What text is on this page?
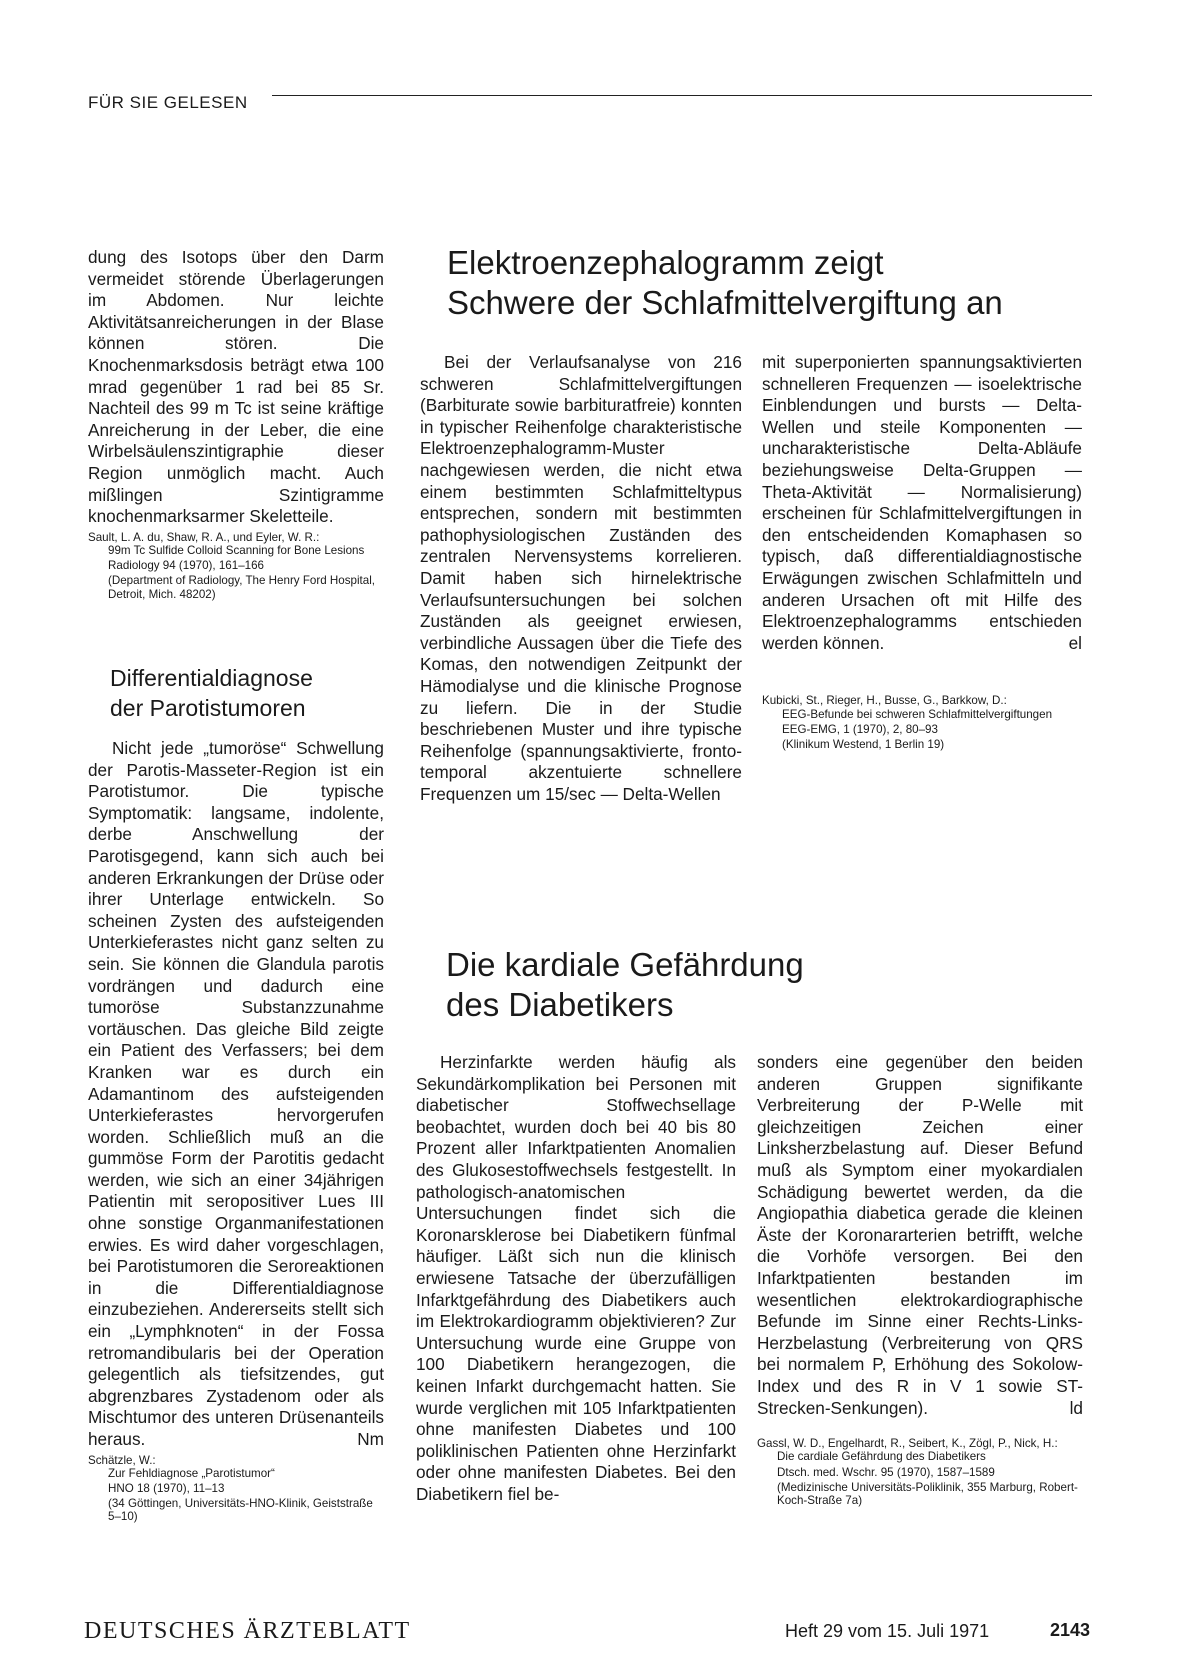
FÜR SIE GELESEN

dung des Isotops über den Darm vermeidet störende Überlagerungen im Abdomen. Nur leichte Aktivitätsanreicherungen in der Blase können stören. Die Knochenmarksdosis beträgt etwa 100 mrad gegenüber 1 rad bei 85 Sr. Nachteil des 99 m Tc ist seine kräftige Anreicherung in der Leber, die eine Wirbelsäulenszintigraphie dieser Region unmöglich macht. Auch mißlingen Szintigramme knochenmarksarmer Skeletteile.

Sault, L. A. du, Shaw, R. A., und Eyler, W. R.:

99m Tc Sulfide Colloid Scanning for Bone Lesions

Radiology 94 (1970), 161–166

(Department of Radiology, The Henry Ford Hospital, Detroit, Mich. 48202)

Differentialdiagnose
der Parotistumoren

Nicht jede „tumoröse“ Schwellung der Parotis-Masseter-Region ist ein Parotistumor. Die typische Symptomatik: langsame, indolente, derbe Anschwellung der Parotisgegend, kann sich auch bei anderen Erkrankungen der Drüse oder ihrer Unterlage entwickeln. So scheinen Zysten des aufsteigenden Unterkieferastes nicht ganz selten zu sein. Sie können die Glandula parotis vordrängen und dadurch eine tumoröse Substanzzunahme vortäuschen. Das gleiche Bild zeigte ein Patient des Verfassers; bei dem Kranken war es durch ein Adamantinom des aufsteigenden Unterkieferastes hervorgerufen worden. Schließlich muß an die gummöse Form der Parotitis gedacht werden, wie sich an einer 34jährigen Patientin mit seropositiver Lues III ohne sonstige Organmanifestationen erwies. Es wird daher vorgeschlagen, bei Parotistumoren die Seroreaktionen in die Differentialdiagnose einzubeziehen. Andererseits stellt sich ein „Lymphknoten“ in der Fossa retromandibularis bei der Operation gelegentlich als tiefsitzendes, gut abgrenzbares Zystadenom oder als Mischtumor des unteren Drüsenanteils heraus.	Nm

Schätzle, W.:

Zur Fehldiagnose „Parotistumor“

HNO 18 (1970), 11–13

(34 Göttingen, Universitäts-HNO-Klinik, Geiststraße 5–10)

Elektroenzephalogramm zeigt
Schwere der Schlafmittelvergiftung an

Bei der Verlaufsanalyse von 216 schweren Schlafmittelvergiftungen (Barbiturate sowie barbituratfreie) konnten in typischer Reihenfolge charakteristische Elektroenzephalogramm-Muster nachgewiesen werden, die nicht etwa einem bestimmten Schlafmitteltypus entsprechen, sondern mit bestimmten pathophysiologischen Zuständen des zentralen Nervensystems korrelieren. Damit haben sich hirnelektrische Verlaufsuntersuchungen bei solchen Zuständen als geeignet erwiesen, verbindliche Aussagen über die Tiefe des Komas, den notwendigen Zeitpunkt der Hämodialyse und die klinische Prognose zu liefern. Die in der Studie beschriebenen Muster und ihre typische Reihenfolge (spannungsaktivierte, fronto-temporal akzentuierte schnellere Frequenzen um 15/sec — Delta-Wellen

mit superponierten spannungsaktivierten schnelleren Frequenzen — isoelektrische Einblendungen und bursts — Delta-Wellen und steile Komponenten — uncharakteristische Delta-Abläufe beziehungsweise Delta-Gruppen — Theta-Aktivität — Normalisierung) erscheinen für Schlafmittelvergiftungen in den entscheidenden Komaphasen so typisch, daß differentialdiagnostische Erwägungen zwischen Schlafmitteln und anderen Ursachen oft mit Hilfe des Elektroenzephalogramms entschieden werden können.	el

Kubicki, St., Rieger, H., Busse, G., Barkkow, D.:

EEG-Befunde bei schweren Schlafmittelvergiftungen

EEG-EMG, 1 (1970), 2, 80–93

(Klinikum Westend, 1 Berlin 19)

Die kardiale Gefährdung
des Diabetikers

Herzinfarkte werden häufig als Sekundärkomplikation bei Personen mit diabetischer Stoffwechsellage beobachtet, wurden doch bei 40 bis 80 Prozent aller Infarktpatienten Anomalien des Glukosestoffwechsels festgestellt. In pathologisch-anatomischen Untersuchungen findet sich die Koronarsklerose bei Diabetikern fünfmal häufiger. Läßt sich nun die klinisch erwiesene Tatsache der überzufälligen Infarktgefährdung des Diabetikers auch im Elektrokardiogramm objektivieren? Zur Untersuchung wurde eine Gruppe von 100 Diabetikern herangezogen, die keinen Infarkt durchgemacht hatten. Sie wurde verglichen mit 105 Infarktpatienten ohne manifesten Diabetes und 100 poliklinischen Patienten ohne Herzinfarkt oder ohne manifesten Diabetes. Bei den Diabetikern fiel be-

sonders eine gegenüber den beiden anderen Gruppen signifikante Verbreiterung der P-Welle mit gleichzeitigen Zeichen einer Linksherzbelastung auf. Dieser Befund muß als Symptom einer myokardialen Schädigung bewertet werden, da die Angiopathia diabetica gerade die kleinen Äste der Koronararterien betrifft, welche die Vorhöfe versorgen. Bei den Infarktpatienten bestanden im wesentlichen elektrokardiographische Befunde im Sinne einer Rechts-Links-Herzbelastung (Verbreiterung von QRS bei normalem P, Erhöhung des Sokolow-Index und des R in V 1 sowie ST-Strecken-Senkungen).	ld

Gassl, W. D., Engelhardt, R., Seibert, K., Zögl, P., Nick, H.:

Die cardiale Gefährdung des Diabetikers

Dtsch. med. Wschr. 95 (1970), 1587–1589

(Medizinische Universitäts-Poliklinik, 355 Marburg, Robert-Koch-Straße 7a)

DEUTSCHES ÄRZTEBLATT	Heft 29 vom 15. Juli 1971	2143
